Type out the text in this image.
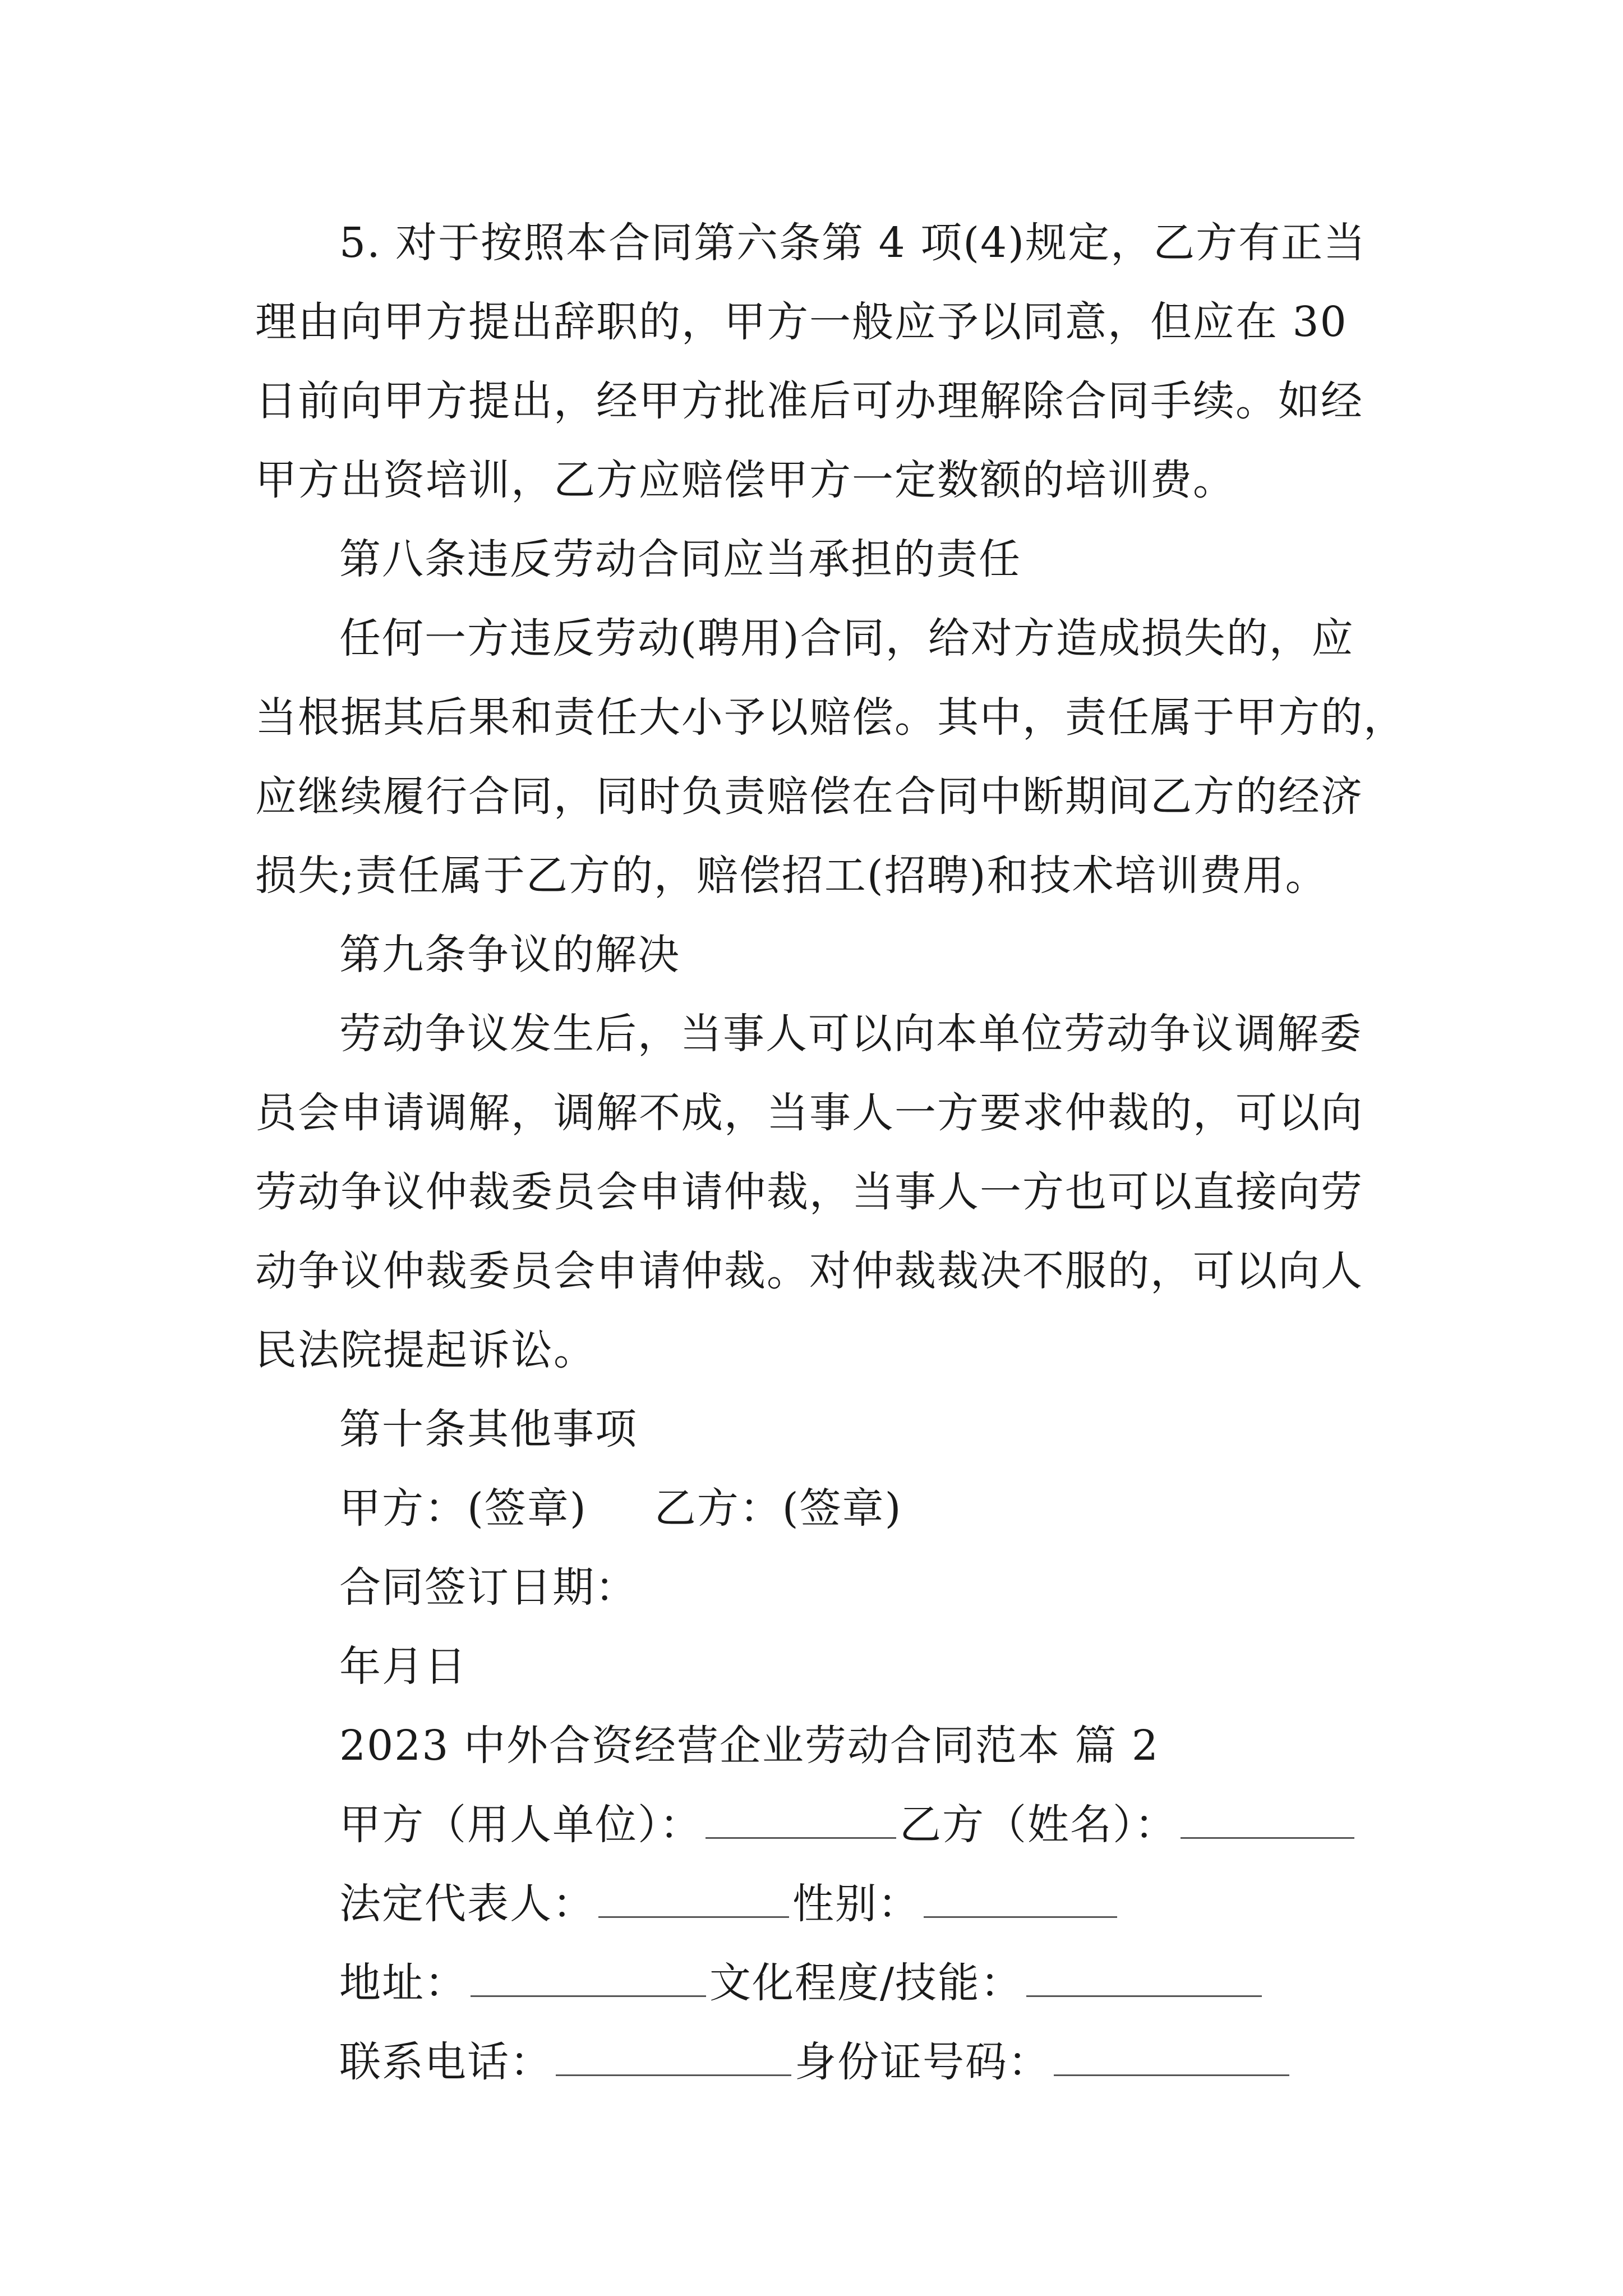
5. 对于按照本合同第六条第 4 项(4)规定，乙方有正当
理由向甲方提出辞职的，甲方一般应予以同意，但应在 30
日前向甲方提出，经甲方批准后可办理解除合同手续。如经
甲方出资培训，乙方应赔偿甲方一定数额的培训费。
第八条违反劳动合同应当承担的责任
任何一方违反劳动(聘用)合同，给对方造成损失的，应
当根据其后果和责任大小予以赔偿。其中，责任属于甲方的，
应继续履行合同，同时负责赔偿在合同中断期间乙方的经济
损失;责任属于乙方的，赔偿招工(招聘)和技术培训费用。
第九条争议的解决
劳动争议发生后，当事人可以向本单位劳动争议调解委
员会申请调解，调解不成，当事人一方要求仲裁的，可以向
劳动争议仲裁委员会申请仲裁，当事人一方也可以直接向劳
动争议仲裁委员会申请仲裁。对仲裁裁决不服的，可以向人
民法院提起诉讼。
第十条其他事项
甲方：(签章) 乙方：(签章)
合同签订日期：
年月日
2023 中外合资经营企业劳动合同范本 篇 2
甲方（用人单位）：	乙方（姓名）：
法定代表人：	性别：
地址：	文化程度/技能：
联系电话：	身份证号码：
